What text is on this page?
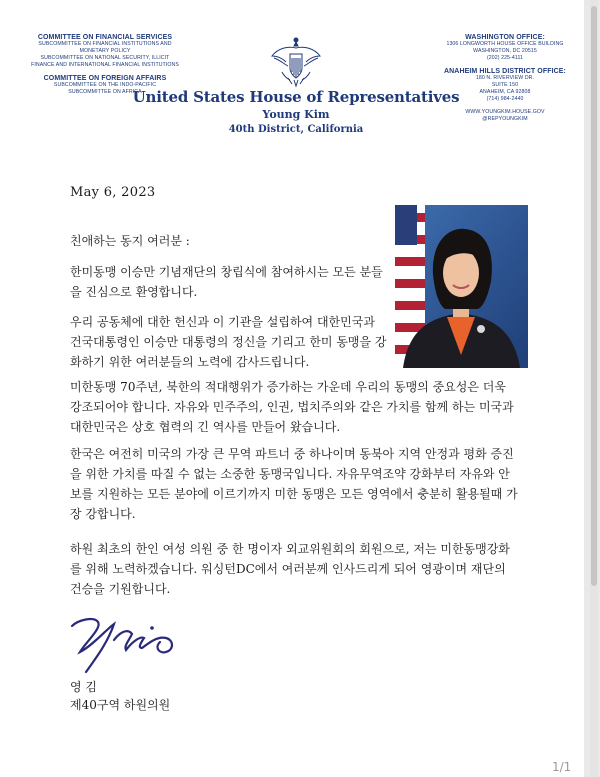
COMMITTEE ON FINANCIAL SERVICES
SUBCOMMITTEE ON FINANCIAL INSTITUTIONS AND MONETARY POLICY
SUBCOMMITTEE ON NATIONAL SECURITY, ILLICIT FINANCE AND INTERNATIONAL FINANCIAL INSTITUTIONS
COMMITTEE ON FOREIGN AFFAIRS
SUBCOMMITTEE ON THE INDO-PACIFIC
SUBCOMMITTEE ON AFRICA
United States House of Representatives
Young Kim
40th District, California
WASHINGTON OFFICE:
1306 LONGWORTH HOUSE OFFICE BUILDING
WASHINGTON, DC 20515
(202) 225-4111
ANAHEIM HILLS DISTRICT OFFICE:
180 N. RIVERVIEW DR.
SUITE 150
ANAHEIM, CA 92808
(714) 984-2440
WWW.YOUNGKIM.HOUSE.GOV
@REPYOUNGKIM
May 6, 2023

친애하는 동지 여러분 :

한미동맹 이승만 기념재단의 창립식에 참여하시는 모든 분들을 진심으로 환영합니다.

우리 공동체에 대한 헌신과 이 기관을 설립하여 대한민국과 건국대통령인 이승만 대통령의 정신을 기리고 한미 동맹을 강화하기 위한 여러분들의 노력에 감사드립니다.

미한동맹 70주년, 북한의 적대행위가 증가하는 가운데 우리의 동맹의 중요성은 더욱 강조되어야 합니다. 자유와 민주주의, 인권, 법치주의와 같은 가치를 함께 하는 미국과 대한민국은 상호 협력의 긴 역사를 만들어 왔습니다.

한국은 여전히 미국의 가장 큰 무역 파트너 중 하나이며 동북아 지역 안정과 평화 증진을 위한 가치를 따질 수 없는 소중한 동맹국입니다. 자유무역조약 강화부터 자유와 안보를 지원하는 모든 분야에 이르기까지 미한 동맹은 모든 영역에서 충분히 활용될때 가장 강합니다.

하원 최초의 한인 여성 의원 중 한 명이자 외교위원회의 회원으로, 저는 미한동맹강화를 위해 노력하겠습니다. 워싱턴DC에서 여러분께 인사드리게 되어 영광이며 재단의 건승을 기원합니다.

영 김
제40구역 하원의원
1/1
